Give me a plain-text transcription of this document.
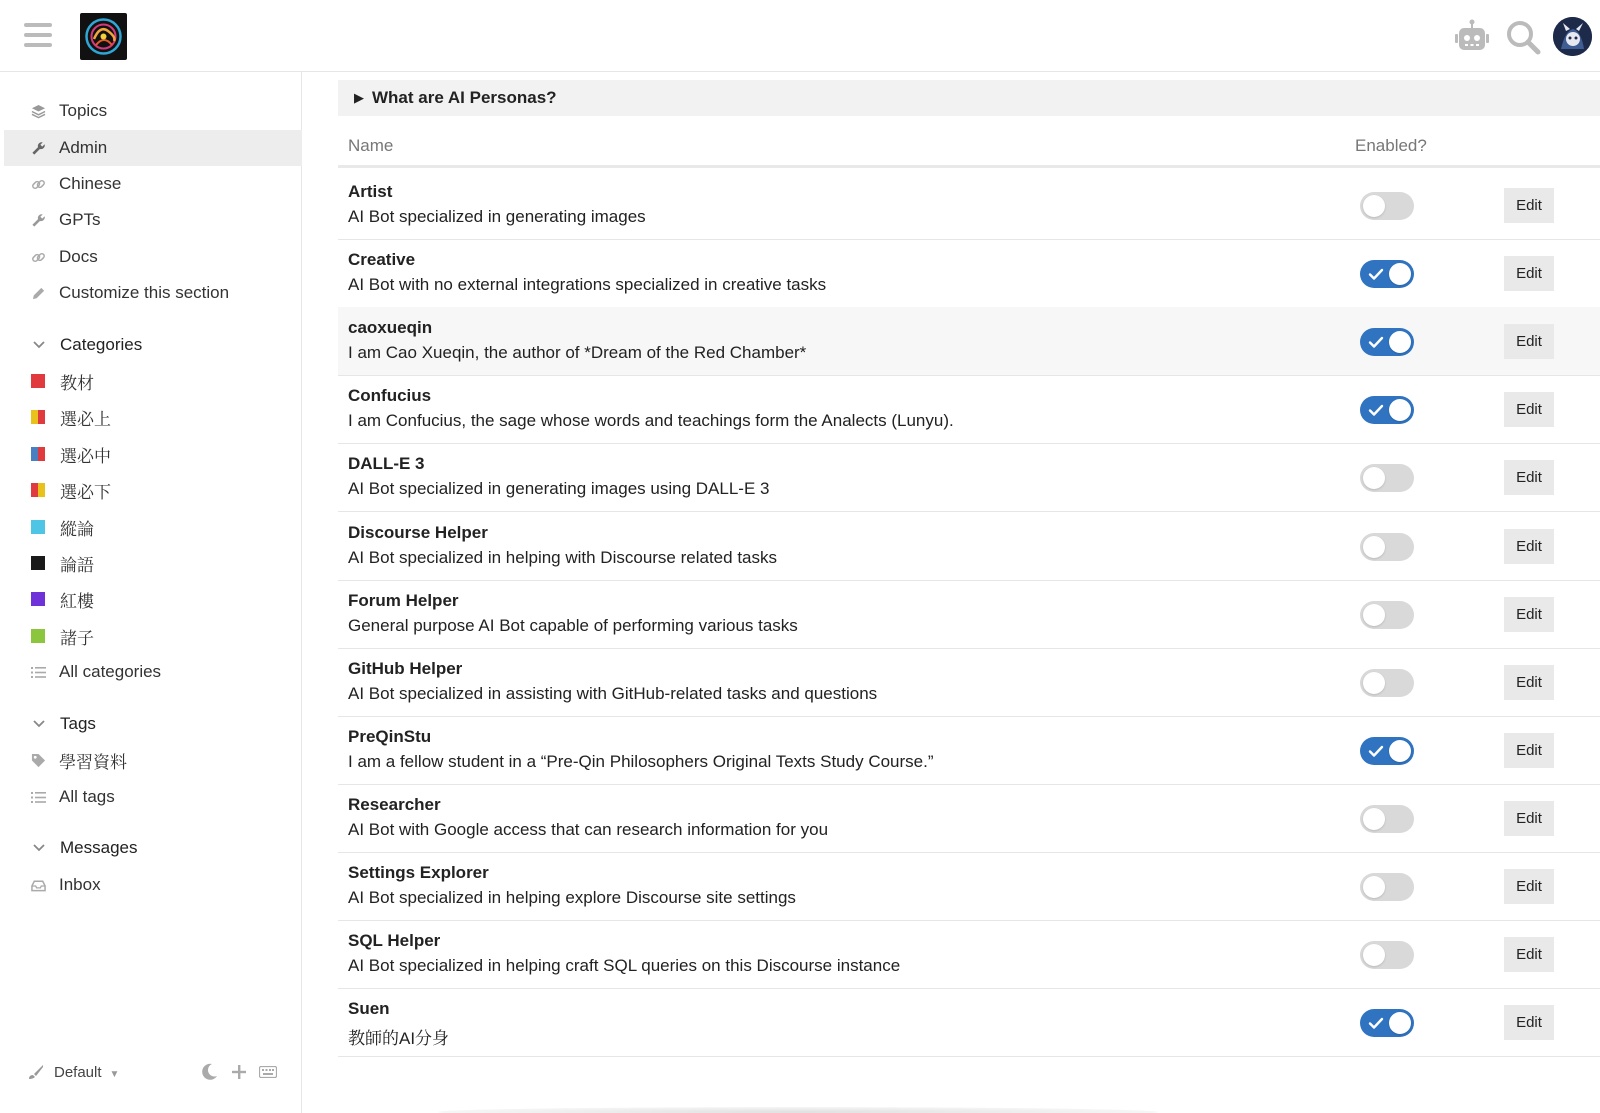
Topics
Admin
Chinese
GPTs
Docs
Customize this section
Categories
教材
選必上
選必中
選必下
縱論
論語
紅樓
諸子
All categories
Tags
學習資料
All tags
Messages
Inbox
Default ▼
▶ What are AI Personas?
Name	Enabled?
Artist
AI Bot specialized in generating images
Edit
Creative
AI Bot with no external integrations specialized in creative tasks
Edit
caoxueqin
I am Cao Xueqin, the author of *Dream of the Red Chamber*
Edit
Confucius
I am Confucius, the sage whose words and teachings form the Analects (Lunyu).
Edit
DALL-E 3
AI Bot specialized in generating images using DALL-E 3
Edit
Discourse Helper
AI Bot specialized in helping with Discourse related tasks
Edit
Forum Helper
General purpose AI Bot capable of performing various tasks
Edit
GitHub Helper
AI Bot specialized in assisting with GitHub-related tasks and questions
Edit
PreQinStu
I am a fellow student in a “Pre-Qin Philosophers Original Texts Study Course.”
Edit
Researcher
AI Bot with Google access that can research information for you
Edit
Settings Explorer
AI Bot specialized in helping explore Discourse site settings
Edit
SQL Helper
AI Bot specialized in helping craft SQL queries on this Discourse instance
Edit
Suen
教師的AI分身
Edit
